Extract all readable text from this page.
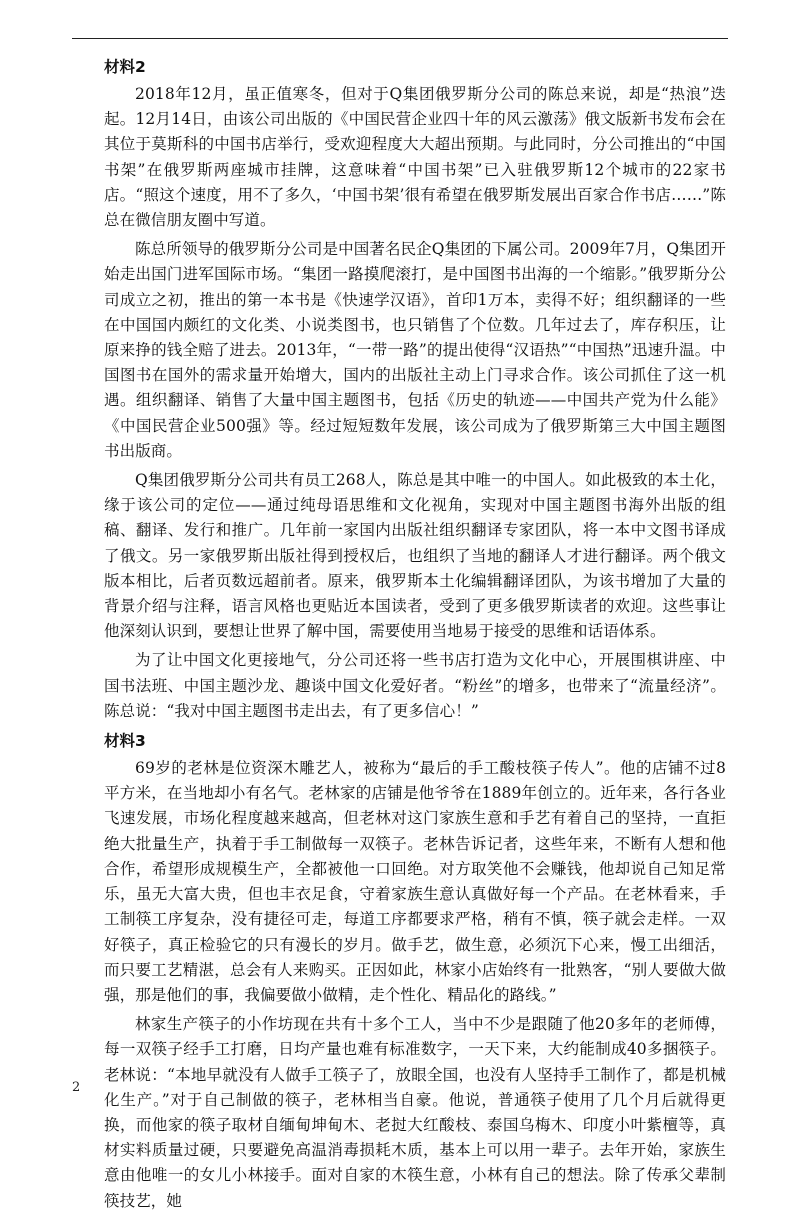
材料2

2018年12月，虽正值寒冬，但对于Q集团俄罗斯分公司的陈总来说，却是“热浪”迭起。12月14日，由该公司出版的《中国民营企业四十年的风云激荡》俄文版新书发布会在其位于莫斯科的中国书店举行，受欢迎程度大大超出预期。与此同时，分公司推出的“中国书架”在俄罗斯两座城市挂牌，这意味着“中国书架”已入驻俄罗斯12个城市的22家书店。“照这个速度，用不了多久，‘中国书架’很有希望在俄罗斯发展出百家合作书店……”陈总在微信朋友圈中写道。

陈总所领导的俄罗斯分公司是中国著名民企Q集团的下属公司。2009年7月，Q集团开始走出国门进军国际市场。“集团一路摸爬滚打，是中国图书出海的一个缩影。”俄罗斯分公司成立之初，推出的第一本书是《快速学汉语》，首印1万本，卖得不好；组织翻译的一些在中国国内颇红的文化类、小说类图书，也只销售了个位数。几年过去了，库存积压，让原来挣的钱全赔了进去。2013年，“一带一路”的提出使得“汉语热”“中国热”迅速升温。中国图书在国外的需求量开始增大，国内的出版社主动上门寻求合作。该公司抓住了这一机遇。组织翻译、销售了大量中国主题图书，包括《历史的轨迹——中国共产党为什么能》《中国民营企业500强》等。经过短短数年发展，该公司成为了俄罗斯第三大中国主题图书出版商。

Q集团俄罗斯分公司共有员工268人，陈总是其中唯一的中国人。如此极致的本土化，缘于该公司的定位——通过纯母语思维和文化视角，实现对中国主题图书海外出版的组稿、翻译、发行和推广。几年前一家国内出版社组织翻译专家团队，将一本中文图书译成了俄文。另一家俄罗斯出版社得到授权后，也组织了当地的翻译人才进行翻译。两个俄文版本相比，后者页数远超前者。原来，俄罗斯本土化编辑翻译团队，为该书增加了大量的背景介绍与注释，语言风格也更贴近本国读者，受到了更多俄罗斯读者的欢迎。这些事让他深刻认识到，要想让世界了解中国，需要使用当地易于接受的思维和话语体系。

为了让中国文化更接地气，分公司还将一些书店打造为文化中心，开展围棋讲座、中国书法班、中国主题沙龙、趣谈中国文化爱好者。“粉丝”的增多，也带来了“流量经济”。陈总说：“我对中国主题图书走出去，有了更多信心！”

材料3

69岁的老林是位资深木雕艺人，被称为“最后的手工酸枝筷子传人”。他的店铺不过8平方米，在当地却小有名气。老林家的店铺是他爷爷在1889年创立的。近年来，各行各业飞速发展，市场化程度越来越高，但老林对这门家族生意和手艺有着自己的坚持，一直拒绝大批量生产，执着于手工制做每一双筷子。老林告诉记者，这些年来，不断有人想和他合作，希望形成规模生产，全都被他一口回绝。对方取笑他不会赚钱，他却说自己知足常乐，虽无大富大贵，但也丰衣足食，守着家族生意认真做好每一个产品。在老林看来，手工制筷工序复杂，没有捷径可走，每道工序都要求严格，稍有不慎，筷子就会走样。一双好筷子，真正检验它的只有漫长的岁月。做手艺，做生意，必须沉下心来，慢工出细活，而只要工艺精湛，总会有人来购买。正因如此，林家小店始终有一批熟客，“别人要做大做强，那是他们的事，我偏要做小做精，走个性化、精品化的路线。”

林家生产筷子的小作坊现在共有十多个工人，当中不少是跟随了他20多年的老师傅，每一双筷子经手工打磨，日均产量也难有标准数字，一天下来，大约能制成40多捆筷子。老林说：“本地早就没有人做手工筷子了，放眼全国，也没有人坚持手工制作了，都是机械化生产。”对于自己制做的筷子，老林相当自豪。他说，普通筷子使用了几个月后就得更换，而他家的筷子取材自缅甸坤甸木、老挝大红酸枝、泰国乌梅木、印度小叶紫檀等，真材实料质量过硬，只要避免高温消毒损耗木质，基本上可以用一辈子。去年开始，家族生意由他唯一的女儿小林接手。面对自家的木筷生意，小林有自己的想法。除了传承父辈制筷技艺，她

2
